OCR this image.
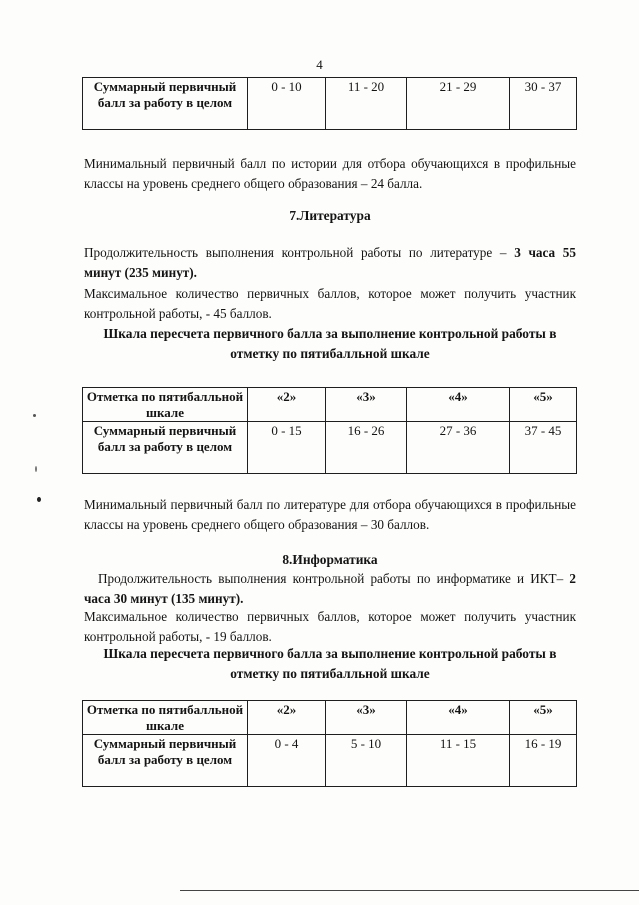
4
Суммарный первичный балл за работу в целом	0 - 10	11 - 20	21 - 29	30 - 37
Минимальный первичный балл по истории для отбора обучающихся в профильные классы на уровень среднего общего образования – 24 балла.
7.Литература
Продолжительность выполнения контрольной работы по литературе – 3 часа 55 минут (235 минут).
Максимальное количество первичных баллов, которое может получить участник контрольной работы, - 45 баллов.
Шкала пересчета первичного балла за выполнение контрольной работы в
отметку по пятибалльной шкале
Отметка по пятибалльной шкале	«2»	«3»	«4»	«5»
Суммарный первичный балл за работу в целом	0 - 15	16 - 26	27 - 36	37 - 45
Минимальный первичный балл по литературе для отбора обучающихся в профильные классы на уровень среднего общего образования – 30 баллов.
8.Информатика
Продолжительность выполнения контрольной работы по информатике и ИКТ– 2 часа 30 минут (135 минут).
Максимальное количество первичных баллов, которое может получить участник контрольной работы, - 19 баллов.
Шкала пересчета первичного балла за выполнение контрольной работы в
отметку по пятибалльной шкале
Отметка по пятибалльной шкале	«2»	«3»	«4»	«5»
Суммарный первичный балл за работу в целом	0 - 4	5 - 10	11 - 15	16 - 19
